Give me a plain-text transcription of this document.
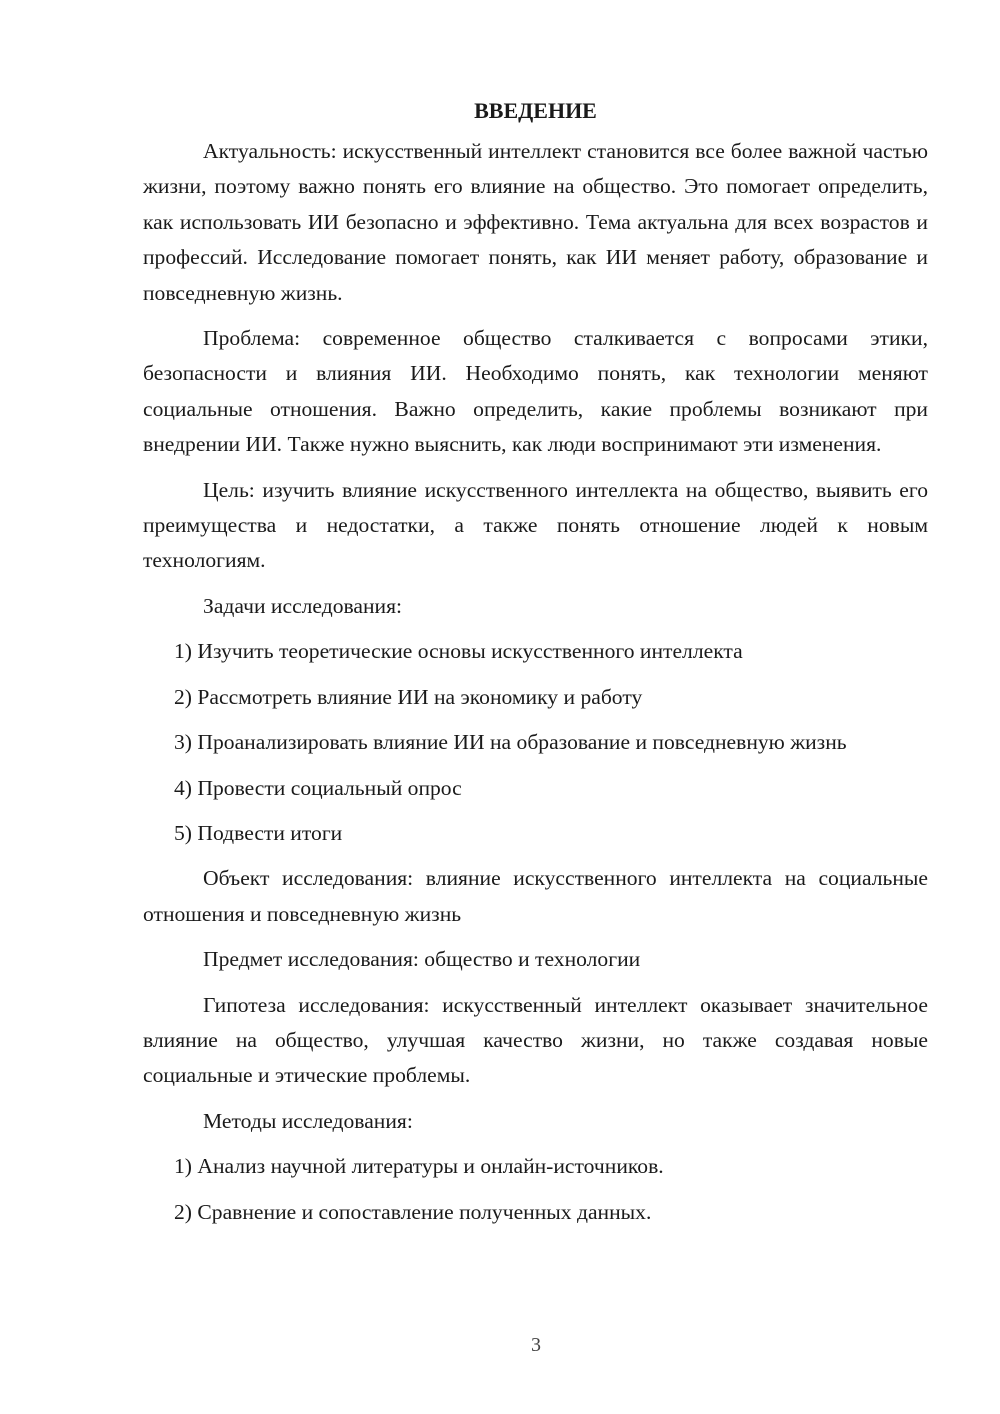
ВВЕДЕНИЕ

Актуальность: искусственный интеллект становится все более важной частью жизни, поэтому важно понять его влияние на общество. Это помогает определить, как использовать ИИ безопасно и эффективно. Тема актуальна для всех возрастов и профессий. Исследование помогает понять, как ИИ меняет работу, образование и повседневную жизнь.

Проблема: современное общество сталкивается с вопросами этики, безопасности и влияния ИИ. Необходимо понять, как технологии меняют социальные отношения. Важно определить, какие проблемы возникают при внедрении ИИ. Также нужно выяснить, как люди воспринимают эти изменения.

Цель: изучить влияние искусственного интеллекта на общество, выявить его преимущества и недостатки, а также понять отношение людей к новым технологиям.

Задачи исследования:

1) Изучить теоретические основы искусственного интеллекта

2) Рассмотреть влияние ИИ на экономику и работу

3) Проанализировать влияние ИИ на образование и повседневную жизнь

4) Провести социальный опрос

5) Подвести итоги

Объект исследования: влияние искусственного интеллекта на социальные отношения и повседневную жизнь

Предмет исследования: общество и технологии

Гипотеза исследования: искусственный интеллект оказывает значительное влияние на общество, улучшая качество жизни, но также создавая новые социальные и этические проблемы.

Методы исследования:

1) Анализ научной литературы и онлайн-источников.

2) Сравнение и сопоставление полученных данных.

3
